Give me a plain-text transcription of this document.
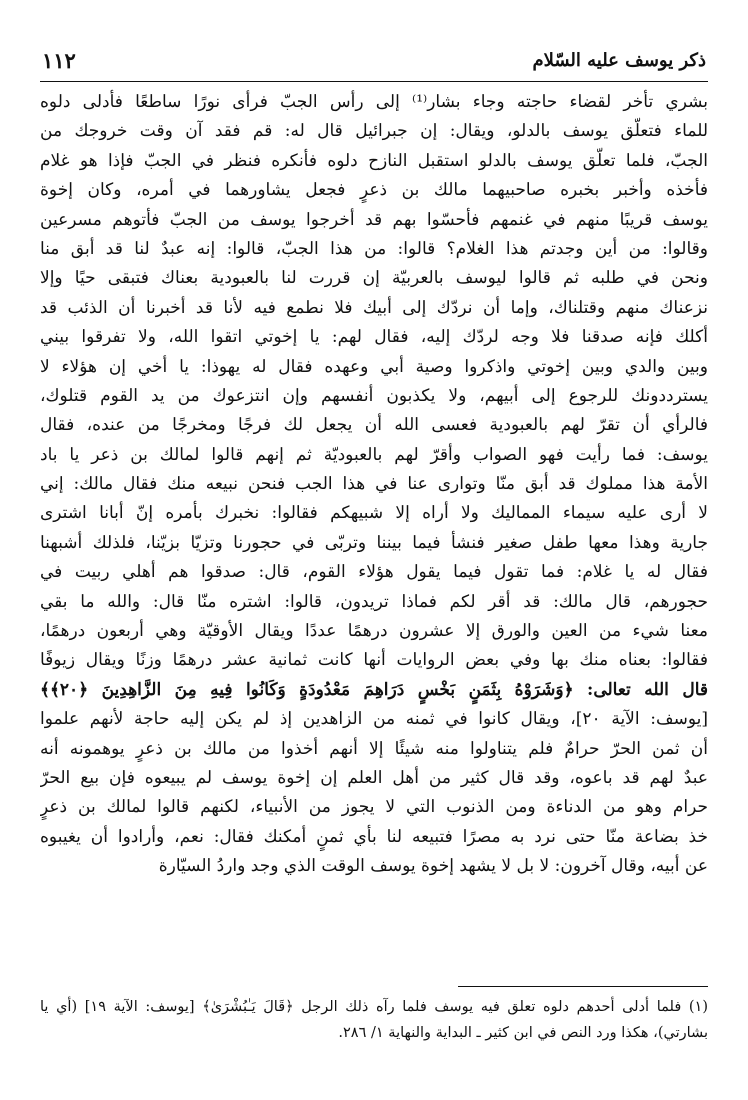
ذكر يوسف عليه السّلام
١١٢
بشري تأخر لقضاء حاجته وجاء بشار⁽¹⁾ إلى رأس الجبّ فرأى نورًا ساطعًا فأدلى دلوه
للماء فتعلّق يوسف بالدلو، ويقال: إن جبرائيل قال له: قم فقد آن وقت خروجك من
الجبّ، فلما تعلّق يوسف بالدلو استقبل النازح دلوه فأنكره فنظر في الجبّ فإذا هو غلام
فأخذه وأخبر بخبره صاحبيهما مالك بن ذعرٍ فجعل يشاورهما في أمره، وكان إخوة
يوسف قريبًا منهم في غنمهم فأحسّوا بهم قد أخرجوا يوسف من الجبّ فأتوهم مسرعين
وقالوا: من أين وجدتم هذا الغلام؟ قالوا: من هذا الجبّ، قالوا: إنه عبدٌ لنا قد أبق منا
ونحن في طلبه ثم قالوا ليوسف بالعربيّة إن قررت لنا بالعبودية بعناك فتبقى حيًا وإلا
نزعناك منهم وقتلناك، وإما أن نردّك إلى أبيك فلا نطمع فيه لأنا قد أخبرنا أن الذئب قد
أكلك فإنه صدقنا فلا وجه لردّك إليه، فقال لهم: يا إخوتي اتقوا الله، ولا تفرقوا بيني
وبين والدي وبين إخوتي واذكروا وصية أبي وعهده فقال له يهوذا: يا أخي إن هؤلاء لا
يسترددونك للرجوع إلى أبيهم، ولا يكذبون أنفسهم وإن انتزعوك من يد القوم قتلوك،
فالرأي أن تقرّ لهم بالعبودية فعسى الله أن يجعل لك فرجًا ومخرجًا من عنده، فقال
يوسف: فما رأيت فهو الصواب وأقرّ لهم بالعبوديّة ثم إنهم قالوا لمالك بن ذعر يا باد
الأمة هذا مملوك قد أبق منّا وتوارى عنا في هذا الجب فنحن نبيعه منك فقال مالك: إني
لا أرى عليه سيماء المماليك ولا أراه إلا شبيهكم فقالوا: نخبرك بأمره إنّ أبانا اشترى
جارية وهذا معها طفل صغير فنشأ فيما بيننا وتربّى في حجورنا وتزيّا بزيّنا، فلذلك أشبهنا
فقال له يا غلام: فما تقول فيما يقول هؤلاء القوم، قال: صدقوا هم أهلي ربيت في
حجورهم، قال مالك: قد أقر لكم فماذا تريدون، قالوا: اشتره منّا قال: والله ما بقي
معنا شيء من العين والورق إلا عشرون درهمًا عددًا ويقال الأوقيّة وهي أربعون درهمًا،
فقالوا: بعناه منك بها وفي بعض الروايات أنها كانت ثمانية عشر درهمًا وزنًا ويقال زيوفًا
قال الله تعالى: ﴿وَشَرَوْهُ بِثَمَنٍ بَخْسٍ دَرَاهِمَ مَعْدُودَةٍ وَكَانُوا فِيهِ مِنَ الزَّاهِدِينَ ﴿٢٠﴾﴾
[يوسف: الآية ٢٠]، ويقال كانوا في ثمنه من الزاهدين إذ لم يكن إليه حاجة لأنهم علموا
أن ثمن الحرّ حرامٌ فلم يتناولوا منه شيئًا إلا أنهم أخذوا من مالك بن ذعرٍ يوهمونه أنه
عبدٌ لهم قد باعوه، وقد قال كثير من أهل العلم إن إخوة يوسف لم يبيعوه فإن بيع الحرّ
حرام وهو من الدناءة ومن الذنوب التي لا يجوز من الأنبياء، لكنهم قالوا لمالك بن ذعرٍ
خذ بضاعة منّا حتى نرد به مصرًا فتبيعه لنا بأي ثمنٍ أمكنك فقال: نعم، وأرادوا أن يغيبوه
عن أبيه، وقال آخرون: لا بل لا يشهد إخوة يوسف الوقت الذي وجد واردُ السيّارة
(١) فلما أدلى أحدهم دلوه تعلق فيه يوسف فلما رآه ذلك الرجل ﴿قَالَ يَـٰبُشْرَىٰ﴾ [يوسف: الآية ١٩] (أي يا
بشارتي)، هكذا ورد النص في ابن كثير ـ البداية والنهاية ١/ ٢٨٦.
